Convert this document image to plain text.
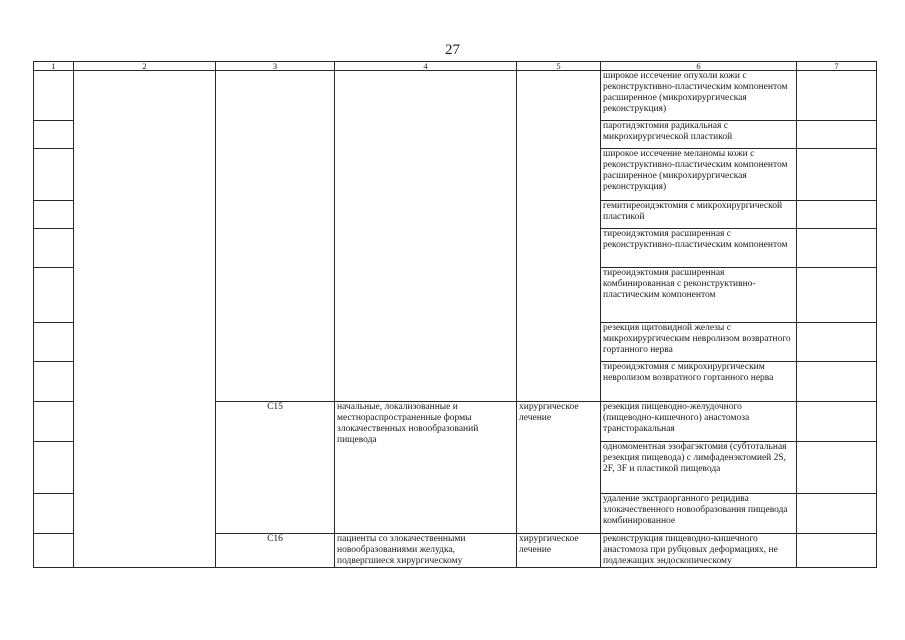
27
1	2	3	4	5	6	7
					широкое иссечение опухоли кожи с реконструктивно-пластическим компонентом расширенное (микрохирургическая реконструкция)	
					паротидэктомия радикальная с микрохирургической пластикой	
					широкое иссечение меланомы кожи с реконструктивно-пластическим компонентом расширенное (микрохирургическая реконструкция)	
					гемитиреоидэктомия с микрохирургической пластикой	
					тиреоидэктомия расширенная с реконструктивно-пластическим компонентом	
					тиреоидэктомия расширенная комбинированная с реконструктивно-пластическим компонентом	
					резекция щитовидной железы с микрохирургическим невролизом возвратного гортанного нерва	
					тиреоидэктомия с микрохирургическим невролизом возвратного гортанного нерва	
		C15	начальные, локализованные и местнораспространенные формы злокачественных новообразований пищевода	хирургическое лечение	резекция пищеводно-желудочного (пищеводно-кишечного) анастомоза трансторакальная	
					одномоментная эзофагэктомия (субтотальная резекция пищевода) с лимфаденэктомией 2S, 2F, 3F и пластикой пищевода	
					удаление экстраорганного рецидива злокачественного новообразования пищевода комбинированное	
		C16	пациенты со злокачественными новообразованиями желудка, подвергшиеся хирургическому	хирургическое лечение	реконструкция пищеводно-кишечного анастомоза при рубцовых деформациях, не подлежащих эндоскопическому	
